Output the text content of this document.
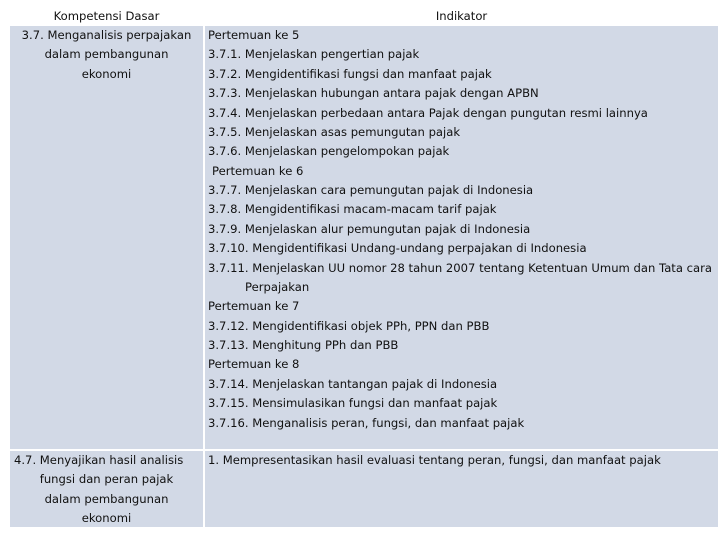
Kompetensi Dasar	Indikator
3.7. Menganalisis perpajakan
dalam pembangunan
ekonomi
Pertemuan ke 5
3.7.1. Menjelaskan pengertian pajak
3.7.2. Mengidentifikasi fungsi dan manfaat pajak
3.7.3. Menjelaskan hubungan antara pajak dengan APBN
3.7.4. Menjelaskan perbedaan antara Pajak dengan pungutan resmi lainnya
3.7.5. Menjelaskan asas pemungutan pajak
3.7.6. Menjelaskan pengelompokan pajak
Pertemuan ke 6
3.7.7. Menjelaskan cara pemungutan pajak di Indonesia
3.7.8. Mengidentifikasi macam-macam tarif pajak
3.7.9. Menjelaskan alur pemungutan pajak di Indonesia
3.7.10. Mengidentifikasi Undang-undang perpajakan di Indonesia
3.7.11. Menjelaskan UU nomor 28 tahun 2007 tentang Ketentuan Umum dan Tata cara
Perpajakan
Pertemuan ke 7
3.7.12. Mengidentifikasi objek PPh, PPN dan PBB
3.7.13. Menghitung PPh dan PBB
Pertemuan ke 8
3.7.14. Menjelaskan tantangan pajak di Indonesia
3.7.15. Mensimulasikan fungsi dan manfaat pajak
3.7.16. Menganalisis peran, fungsi, dan manfaat pajak
4.7. Menyajikan hasil analisis
fungsi dan peran pajak
dalam pembangunan
ekonomi
1. Mempresentasikan hasil evaluasi tentang peran, fungsi, dan manfaat pajak
